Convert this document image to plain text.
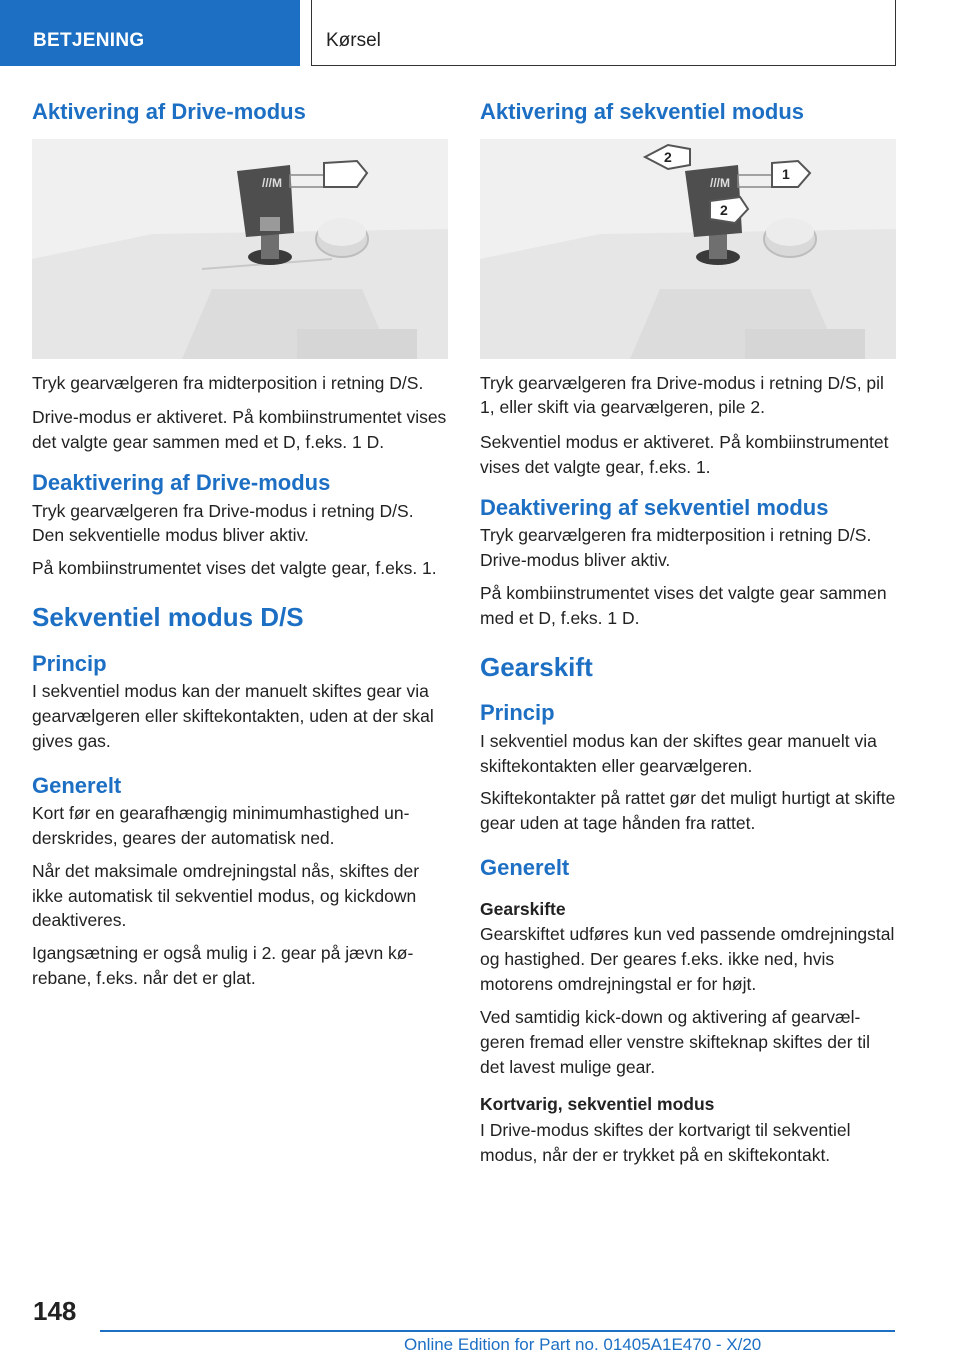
BETJENING	Kørsel
Aktivering af Drive-modus
///M

Tryk gearvælgeren fra midterposition i retning D/S.

Drive-modus er aktiveret. På kombiinstrumentet vises det valgte gear sammen med et D, f.eks. 1 D.

Deaktivering af Drive-modus

Tryk gearvælgeren fra Drive-modus i retning D/S. Den sekventielle modus bliver aktiv.

På kombiinstrumentet vises det valgte gear, f.eks. 1.

Sekventiel modus D/S
Princip

I sekventiel modus kan der manuelt skiftes gear via gearvælgeren eller skiftekontakten, uden at der skal gives gas.

Generelt

Kort før en gearafhængig minimumhastighed underskrides, geares der automatisk ned.

Når det maksimale omdrejningstal nås, skiftes der ikke automatisk til sekventiel modus, og kickdown deaktiveres.

Igangsætning er også mulig i 2. gear på jævn kørebane, f.eks. når det er glat.

Aktivering af sekventiel modus
///M
2
1
2

Tryk gearvælgeren fra Drive-modus i retning D/S, pil 1, eller skift via gearvælgeren, pile 2.

Sekventiel modus er aktiveret. På kombiinstrumentet vises det valgte gear, f.eks. 1.

Deaktivering af sekventiel modus

Tryk gearvælgeren fra midterposition i retning D/S. Drive-modus bliver aktiv.

På kombiinstrumentet vises det valgte gear sammen med et D, f.eks. 1 D.

Gearskift
Princip

I sekventiel modus kan der skiftes gear manuelt via skiftekontakten eller gearvælgeren.

Skiftekontakter på rattet gør det muligt hurtigt at skifte gear uden at tage hånden fra rattet.

Generelt
Gearskifte

Gearskiftet udføres kun ved passende omdrejningstal og hastighed. Der geares f.eks. ikke ned, hvis motorens omdrejningstal er for højt.

Ved samtidig kick-down og aktivering af gearvælgeren fremad eller venstre skifteknap skiftes der til det lavest mulige gear.

Kortvarig, sekventiel modus

I Drive-modus skiftes der kortvarigt til sekventiel modus, når der er trykket på en skiftekontakt.

148
Online Edition for Part no. 01405A1E470 - X/20
